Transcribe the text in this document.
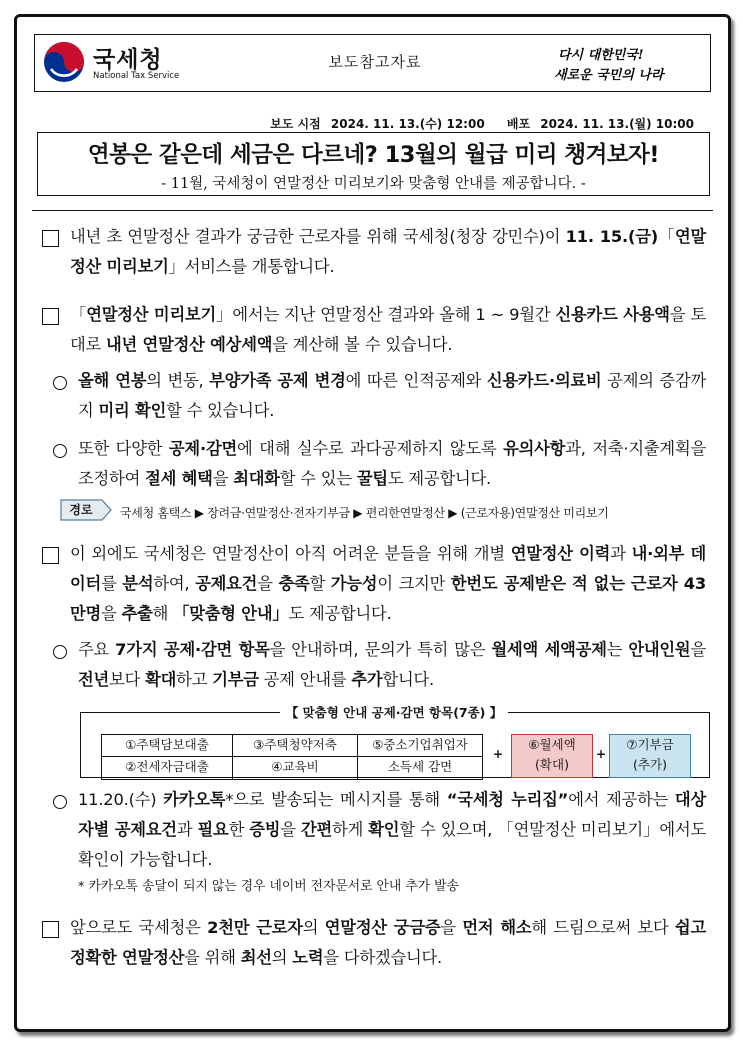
국세청
National Tax Service
보도참고자료	다시 대한민국!
새로운 국민의 나라
보도 시점 2024. 11. 13.(수) 12:00 배포 2024. 11. 13.(월) 10:00
연봉은 같은데 세금은 다르네? 13월의 월급 미리 챙겨보자!
- 11월, 국세청이 연말정산 미리보기와 맞춤형 안내를 제공합니다. -
내년 초 연말정산 결과가 궁금한 근로자를 위해 국세청(청장 강민수)이 11. 15.(금)「연말정산 미리보기」서비스를 개통합니다.
「연말정산 미리보기」에서는 지난 연말정산 결과와 올해 1 ~ 9월간 신용카드 사용액을 토대로 내년 연말정산 예상세액을 계산해 볼 수 있습니다.
올해 연봉의 변동, 부양가족 공제 변경에 따른 인적공제와 신용카드·의료비 공제의 증감까지 미리 확인할 수 있습니다.
또한 다양한 공제·감면에 대해 실수로 과다공제하지 않도록 유의사항과, 저축·지출계획을 조정하여 절세 혜택을 최대화할 수 있는 꿀팁도 제공합니다.
경로 국세청 홈택스 ▶ 장려금·연말정산·전자기부금 ▶ 편리한연말정산 ▶ (근로자용)연말정산 미리보기
이 외에도 국세청은 연말정산이 아직 어려운 분들을 위해 개별 연말정산 이력과 내·외부 데이터를 분석하여, 공제요건을 충족할 가능성이 크지만 한번도 공제받은 적 없는 근로자 43만명을 추출해 「맞춤형 안내」도 제공합니다.
주요 7가지 공제·감면 항목을 안내하며, 문의가 특히 많은 월세액 세액공제는 안내인원을 전년보다 확대하고 기부금 공제 안내를 추가합니다.
①주택담보대출
②전세자금대출
③주택청약저축
④교육비
⑤중소기업취업자
소득세 감면
+
⑥월세액
(확대)
+
⑦기부금
(추가)
【 맞춤형 안내 공제·감면 항목(7종) 】
11.20.(수) 카카오톡*으로 발송되는 메시지를 통해 “국세청 누리집”에서 제공하는 대상자별 공제요건과 필요한 증빙을 간편하게 확인할 수 있으며, 「연말정산 미리보기」에서도 확인이 가능합니다.
* 카카오톡 송달이 되지 않는 경우 네이버 전자문서로 안내 추가 발송
앞으로도 국세청은 2천만 근로자의 연말정산 궁금증을 먼저 해소해 드림으로써 보다 쉽고 정확한 연말정산을 위해 최선의 노력을 다하겠습니다.
